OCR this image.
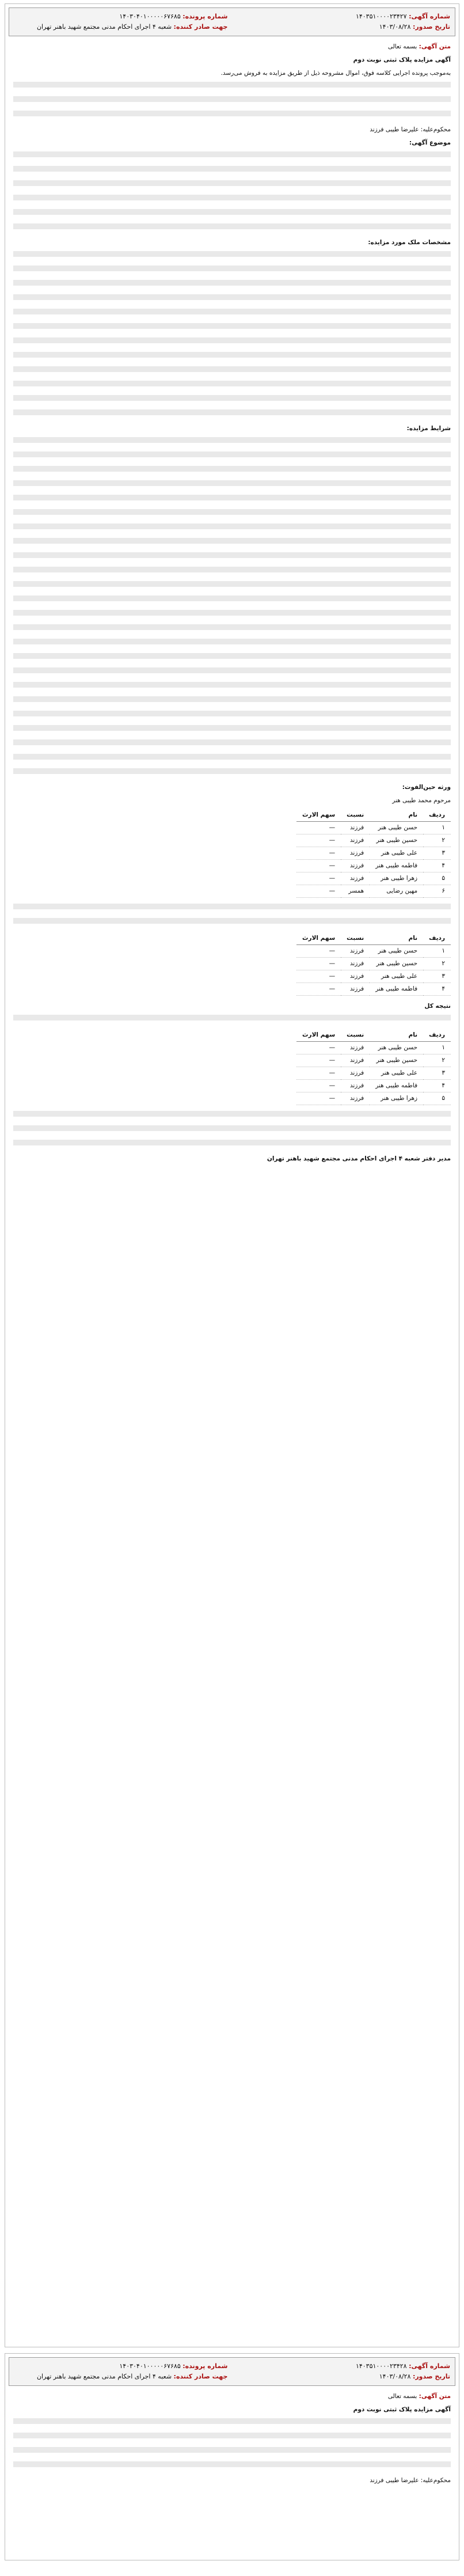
شماره آگهی: ۱۴۰۳۵۱۰۰۰۰۲۳۴۲۷
شماره پرونده: ۱۴۰۳۰۴۰۱۰۰۰۰۰۶۷۶۸۵
تاریخ صدور: ۱۴۰۳/۰۸/۲۸
جهت صادر کننده: شعبه ۴ اجرای احکام مدنی مجتمع شهید باهنر تهران

متن آگهی: بسمه تعالی

آگهی مزایده پلاک ثبتی نوبت دوم

به‌موجب پرونده اجرایی کلاسه فوق، اموال مشروحه ذیل از طریق مزایده به فروش می‌رسد.

محکوم‌علیه: علیرضا طیبی فرزند

موضوع آگهی:

مشخصات ملک مورد مزایده:

شرایط مزایده:

ورثه حین‌الفوت:

مرحوم محمد طیبی هنر

ردیف	نام	نسبت	سهم الارث
۱	حسن طیبی هنر	فرزند	—
۲	حسین طیبی هنر	فرزند	—
۳	علی طیبی هنر	فرزند	—
۴	فاطمه طیبی هنر	فرزند	—
۵	زهرا طیبی هنر	فرزند	—
۶	مهین رضایی	همسر	—
ردیف	نام	نسبت	سهم الارث
۱	حسن طیبی هنر	فرزند	—
۲	حسین طیبی هنر	فرزند	—
۳	علی طیبی هنر	فرزند	—
۴	فاطمه طیبی هنر	فرزند	—

نتیجه کل

ردیف	نام	نسبت	سهم الارث
۱	حسن طیبی هنر	فرزند	—
۲	حسین طیبی هنر	فرزند	—
۳	علی طیبی هنر	فرزند	—
۴	فاطمه طیبی هنر	فرزند	—
۵	زهرا طیبی هنر	فرزند	—

مدیر دفتر شعبه ۴ اجرای احکام مدنی مجتمع شهید باهنر تهران

شماره آگهی: ۱۴۰۳۵۱۰۰۰۰۲۳۴۲۸
شماره پرونده: ۱۴۰۳۰۴۰۱۰۰۰۰۰۶۷۶۸۵
تاریخ صدور: ۱۴۰۳/۰۸/۲۸
جهت صادر کننده: شعبه ۴ اجرای احکام مدنی مجتمع شهید باهنر تهران

متن آگهی: بسمه تعالی

آگهی مزایده پلاک ثبتی نوبت دوم

محکوم‌علیه: علیرضا طیبی فرزند
